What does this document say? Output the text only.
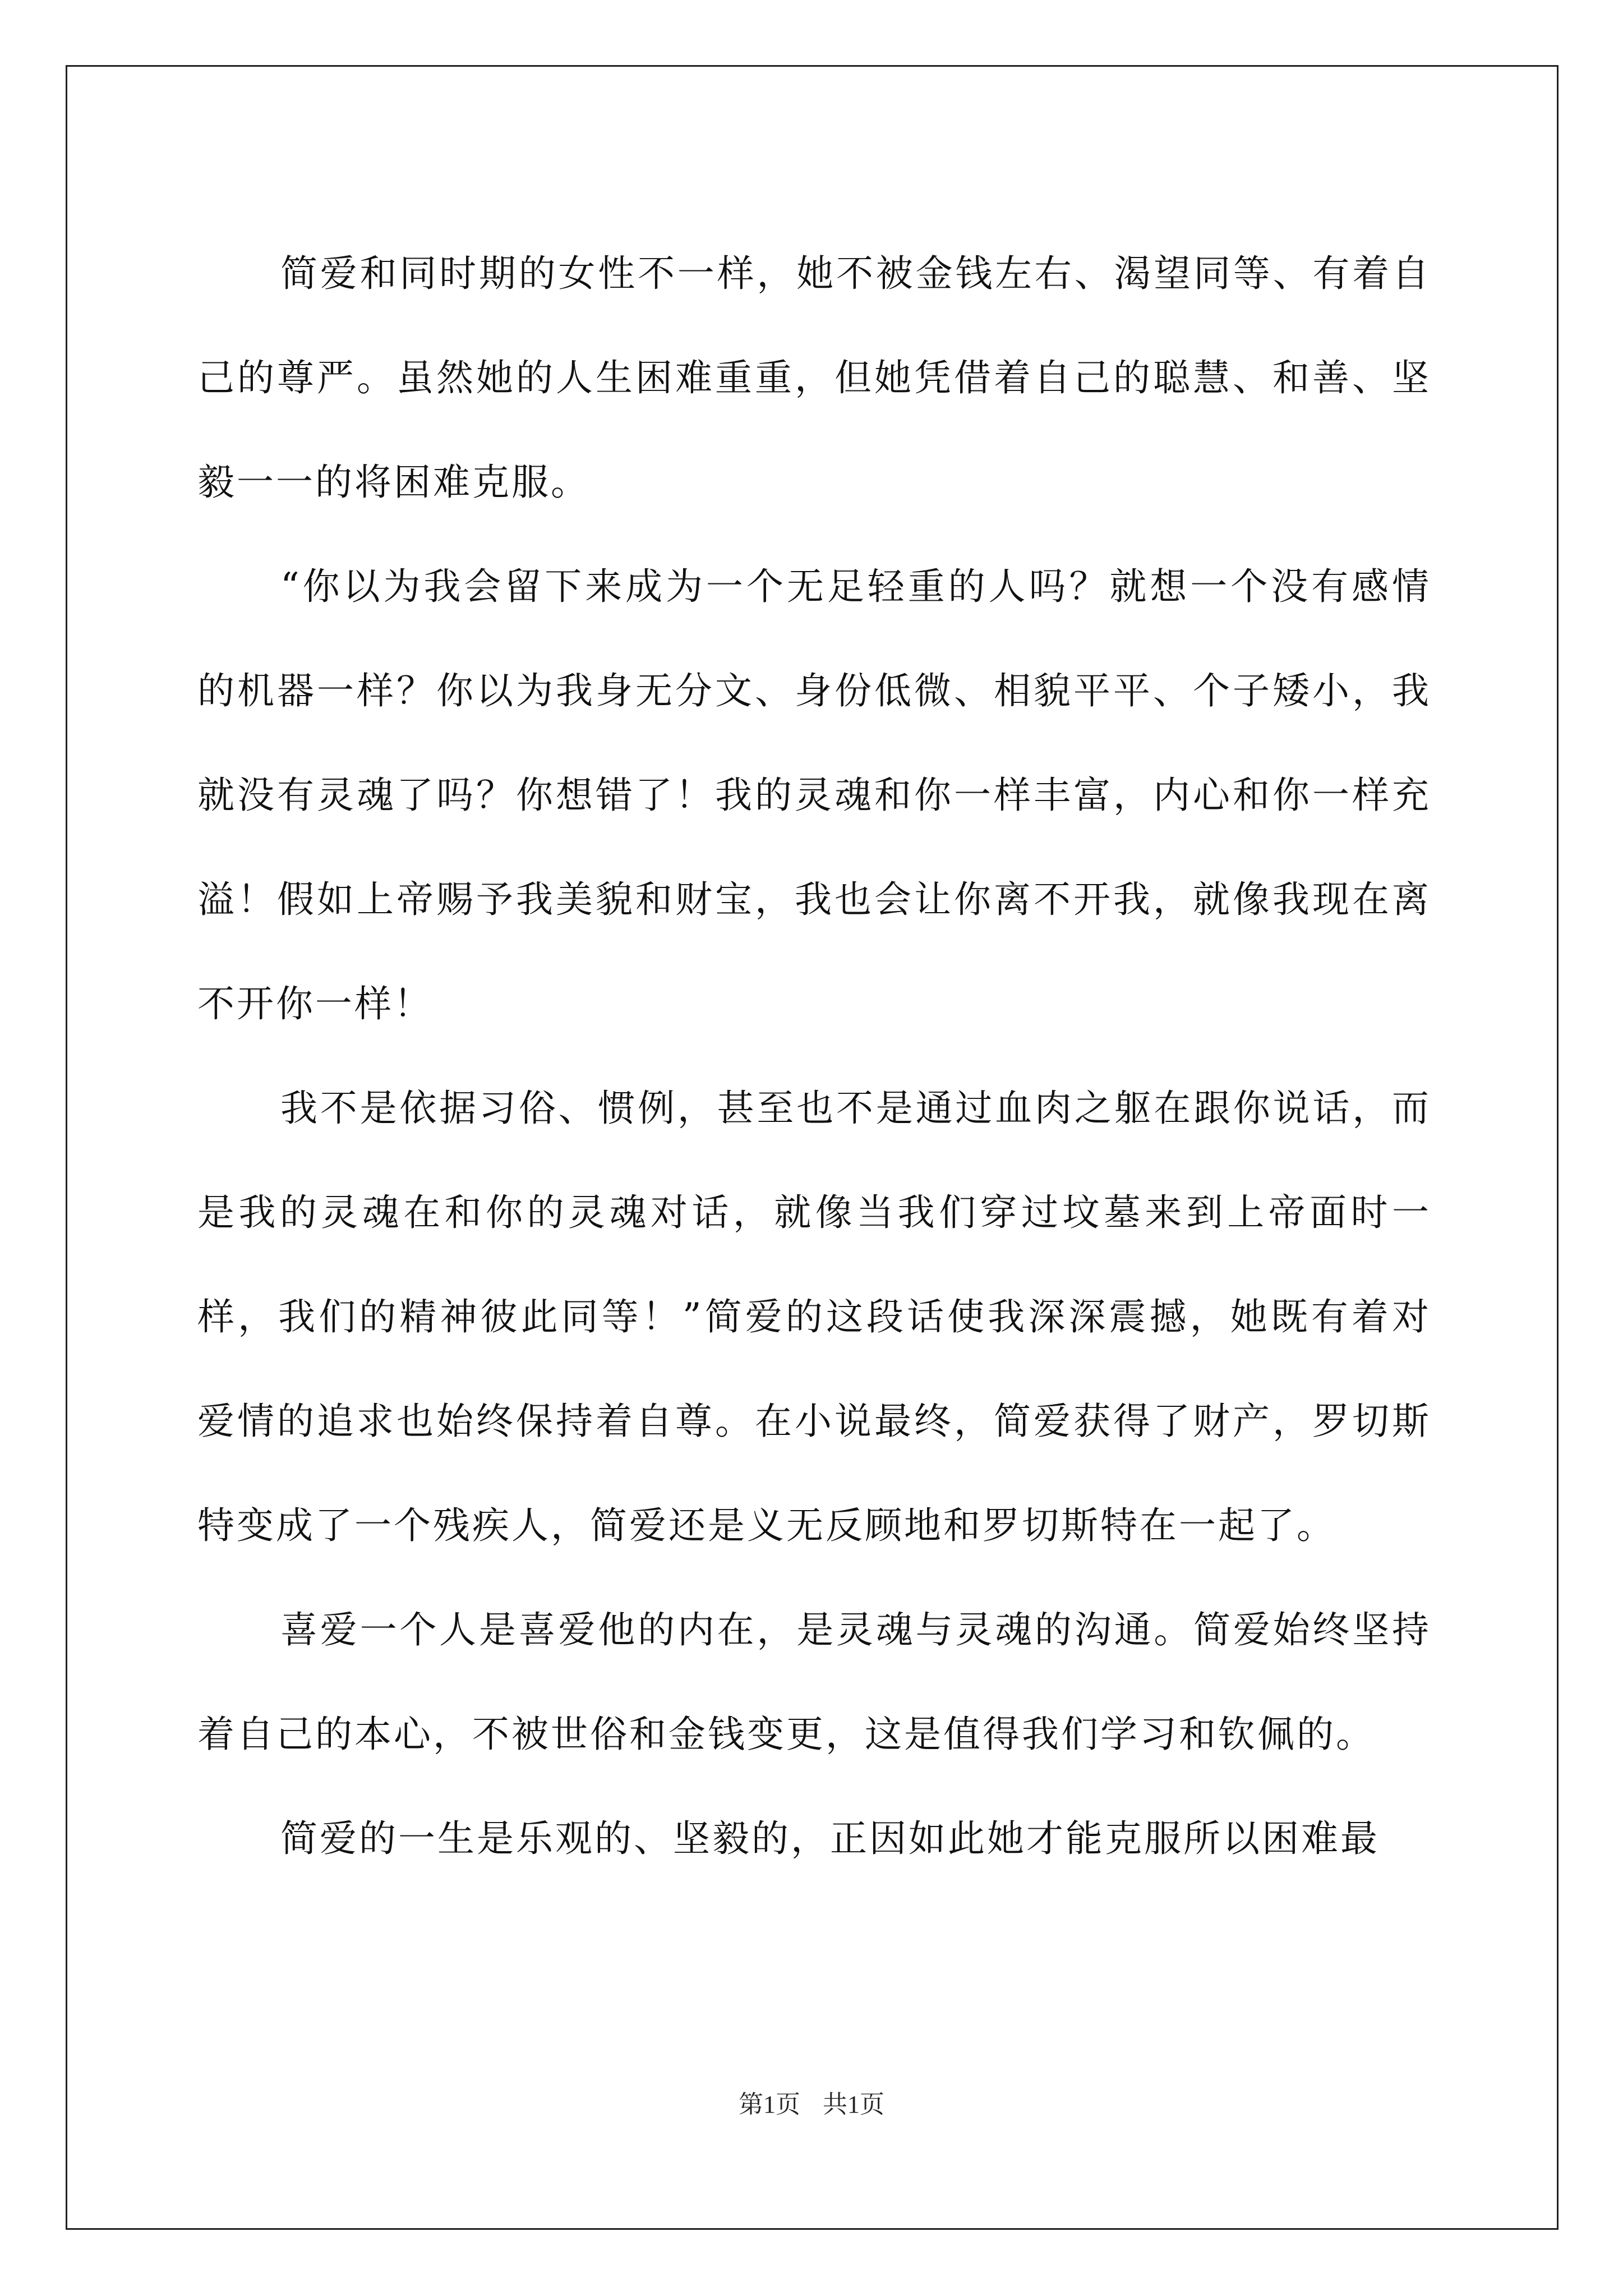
简爱和同时期的女性不一样，她不被金钱左右、渴望同等、有着自己的尊严。虽然她的人生困难重重，但她凭借着自己的聪慧、和善、坚毅一一的将困难克服。

“你以为我会留下来成为一个无足轻重的人吗？就想一个没有感情的机器一样？你以为我身无分文、身份低微、相貌平平、个子矮小，我就没有灵魂了吗？你想错了！我的灵魂和你一样丰富，内心和你一样充溢！假如上帝赐予我美貌和财宝，我也会让你离不开我，就像我现在离不开你一样！

我不是依据习俗、惯例，甚至也不是通过血肉之躯在跟你说话，而是我的灵魂在和你的灵魂对话，就像当我们穿过坟墓来到上帝面时一样，我们的精神彼此同等！”简爱的这段话使我深深震撼，她既有着对爱情的追求也始终保持着自尊。在小说最终，简爱获得了财产，罗切斯特变成了一个残疾人，简爱还是义无反顾地和罗切斯特在一起了。

喜爱一个人是喜爱他的内在，是灵魂与灵魂的沟通。简爱始终坚持着自己的本心，不被世俗和金钱变更，这是值得我们学习和钦佩的。

简爱的一生是乐观的、坚毅的，正因如此她才能克服所以困难最

第1页 共1页
